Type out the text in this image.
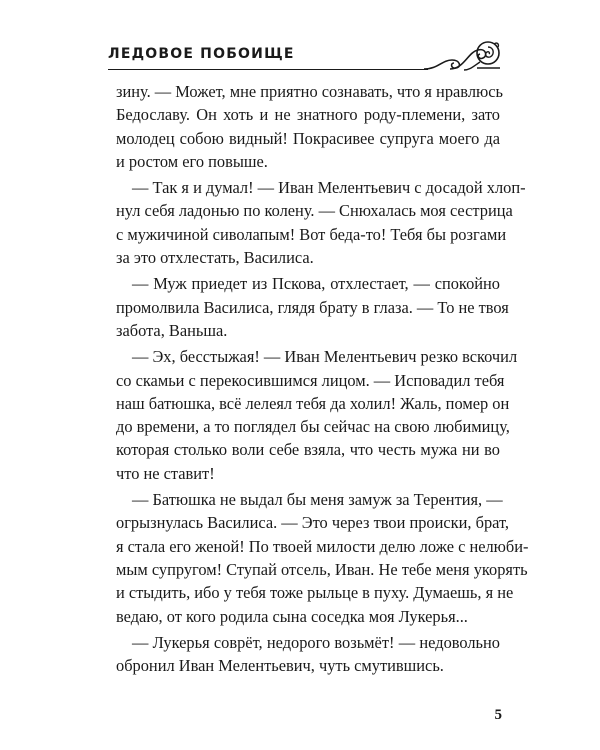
ЛЕДОВОЕ ПОБОИЩЕ
зину. — Может, мне приятно сознавать, что я нравлюсь
Бедославу. Он хоть и не знатного роду-племени, зато
молодец собою видный! Покрасивее супруга моего да
и ростом его повыше.
— Так я и думал! — Иван Мелентьевич с досадой хлоп-
нул себя ладонью по колену. — Снюхалась моя сестрица
с мужичиной сиволапым! Вот беда-то! Тебя бы розгами
за это отхлестать, Василиса.
— Муж приедет из Пскова, отхлестает, — спокойно
промолвила Василиса, глядя брату в глаза. — То не твоя
забота, Ваньша.
— Эх, бесстыжая! — Иван Мелентьевич резко вскочил
со скамьи с перекосившимся лицом. — Исповадил тебя
наш батюшка, всё лелеял тебя да холил! Жаль, помер он
до времени, а то поглядел бы сейчас на свою любимицу,
которая столько воли себе взяла, что честь мужа ни во
что не ставит!
— Батюшка не выдал бы меня замуж за Терентия, —
огрызнулась Василиса. — Это через твои происки, брат,
я стала его женой! По твоей милости делю ложе с нелюби-
мым супругом! Ступай отсель, Иван. Не тебе меня укорять
и стыдить, ибо у тебя тоже рыльце в пуху. Думаешь, я не
ведаю, от кого родила сына соседка моя Лукерья...
— Лукерья соврёт, недорого возьмёт! — недовольно
обронил Иван Мелентьевич, чуть смутившись.
5
